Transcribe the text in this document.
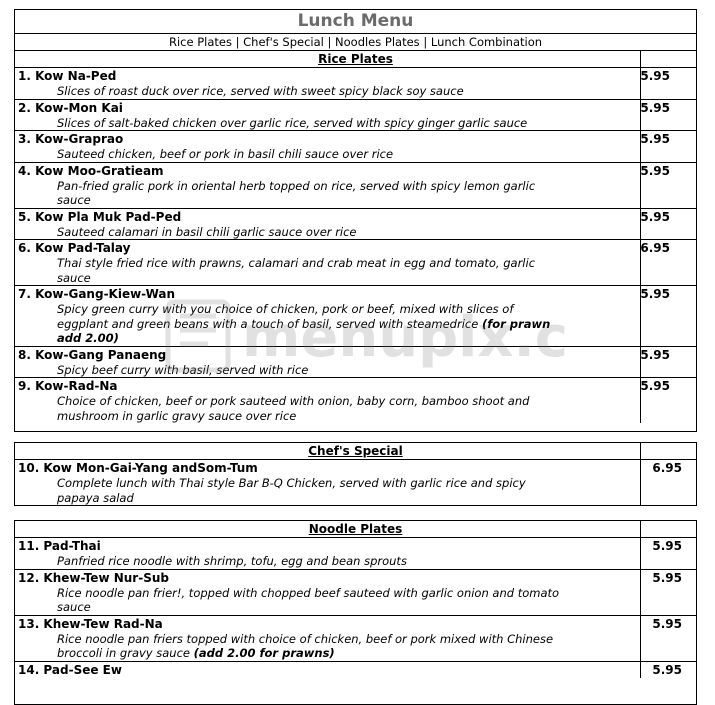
Lunch Menu
Rice Plates | Chef's Special | Noodles Plates | Lunch Combination
Rice Plates
1. Kow Na-Ped	5.95
Slices of roast duck over rice, served with sweet spicy black soy sauce
2. Kow-Mon Kai	5.95
Slices of salt-baked chicken over garlic rice, served with spicy ginger garlic sauce
3. Kow-Graprao	5.95
Sauteed chicken, beef or pork in basil chili sauce over rice
4. Kow Moo-Gratieam	5.95
Pan-fried gralic pork in oriental herb topped on rice, served with spicy lemon garlic sauce
5. Kow Pla Muk Pad-Ped	5.95
Sauteed calamari in basil chili garlic sauce over rice
6. Kow Pad-Talay	6.95
Thai style fried rice with prawns, calamari and crab meat in egg and tomato, garlic sauce
7. Kow-Gang-Kiew-Wan	5.95
Spicy green curry with you choice of chicken, pork or beef, mixed with slices of eggplant and green beans with a touch of basil, served with steamedrice (for prawn add 2.00)
8. Kow-Gang Panaeng	5.95
Spicy beef curry with basil, served with rice
9. Kow-Rad-Na	5.95
Choice of chicken, beef or pork sauteed with onion, baby corn, bamboo shoot and mushroom in garlic gravy sauce over rice
Chef's Special
10. Kow Mon-Gai-Yang andSom-Tum	6.95
Complete lunch with Thai style Bar B-Q Chicken, served with garlic rice and spicy papaya salad
Noodle Plates
11. Pad-Thai	5.95
Panfried rice noodle with shrimp, tofu, egg and bean sprouts
12. Khew-Tew Nur-Sub	5.95
Rice noodle pan frier!, topped with chopped beef sauteed with garlic onion and tomato sauce
13. Khew-Tew Rad-Na	5.95
Rice noodle pan friers topped with choice of chicken, beef or pork mixed with Chinese broccoli in gravy sauce (add 2.00 for prawns)
14. Pad-See Ew	5.95
menupix.c
